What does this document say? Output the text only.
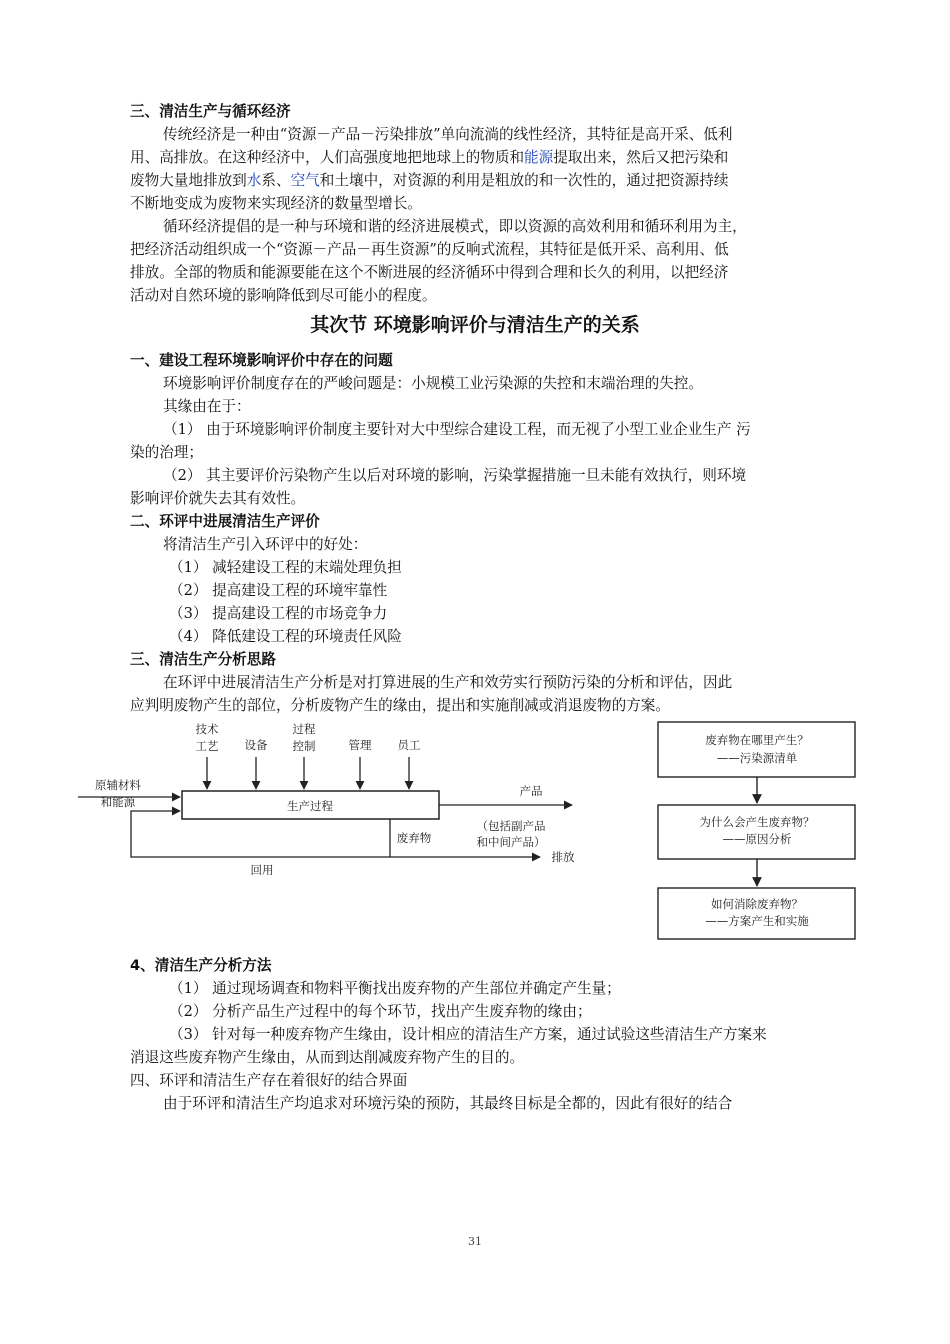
三、清洁生产与循环经济
传统经济是一种由“资源－产品－污染排放”单向流淌的线性经济，其特征是高开采、低利
用、高排放。在这种经济中，人们高强度地把地球上的物质和能源提取出来，然后又把污染和
废物大量地排放到水系、空气和土壤中，对资源的利用是粗放的和一次性的，通过把资源持续
不断地变成为废物来实现经济的数量型增长。
循环经济提倡的是一种与环境和谐的经济进展模式，即以资源的高效利用和循环利用为主，
把经济活动组织成一个“资源－产品－再生资源”的反响式流程，其特征是低开采、高利用、低
排放。全部的物质和能源要能在这个不断进展的经济循环中得到合理和长久的利用，以把经济
活动对自然环境的影响降低到尽可能小的程度。
其次节 环境影响评价与清洁生产的关系
一、建设工程环境影响评价中存在的问题
环境影响评价制度存在的严峻问题是：小规模工业污染源的失控和末端治理的失控。
其缘由在于：
（1） 由于环境影响评价制度主要针对大中型综合建设工程，而无视了小型工业企业生产 污
染的治理；
（2） 其主要评价污染物产生以后对环境的影响，污染掌握措施一旦未能有效执行，则环境
影响评价就失去其有效性。
二、环评中进展清洁生产评价
将清洁生产引入环评中的好处：
（1） 减轻建设工程的末端处理负担
（2） 提高建设工程的环境牢靠性
（3） 提高建设工程的市场竞争力
（4） 降低建设工程的环境责任风险
三、清洁生产分析思路
在环评中进展清洁生产分析是对打算进展的生产和效劳实行预防污染的分析和评估，因此
应判明废物产生的部位，分析废物产生的缘由，提出和实施削减或消退废物的方案。
技术
工艺 设备
过程
控制	管理 员工
原辅材料
和能源	生产过程
产品
废弃物
（包括副产品
和中间产品）
排放
回用
废弃物在哪里产生？
——污染源清单
为什么会产生废弃物？
——原因分析
如何消除废弃物？
——方案产生和实施
4、清洁生产分析方法
（1） 通过现场调查和物料平衡找出废弃物的产生部位并确定产生量；
（2） 分析产品生产过程中的每个环节，找出产生废弃物的缘由；
（3） 针对每一种废弃物产生缘由，设计相应的清洁生产方案，通过试验这些清洁生产方案来
消退这些废弃物产生缘由，从而到达削减废弃物产生的目的。
四、环评和清洁生产存在着很好的结合界面
由于环评和清洁生产均追求对环境污染的预防，其最终目标是全都的，因此有很好的结合
31
